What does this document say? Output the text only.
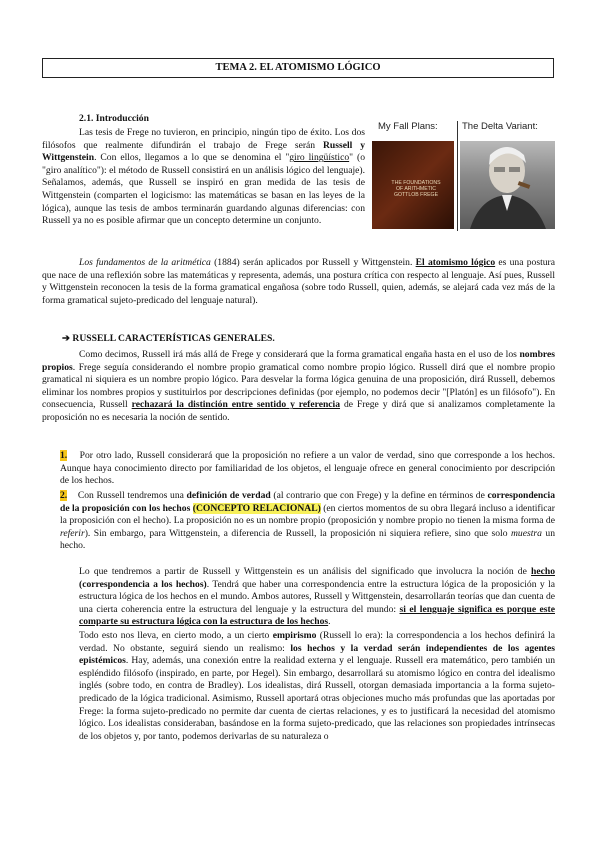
TEMA 2. EL ATOMISMO LÓGICO
2.1. Introducción
My Fall Plans:	The Delta Variant:
THE FOUNDATIONS OF ARITHMETIC GOTTLOB FREGE
Las tesis de Frege no tuvieron, en principio, ningún tipo de éxito. Los dos filósofos que realmente difundirán el trabajo de Frege serán Russell y Wittgenstein. Con ellos, llegamos a lo que se denomina el "giro lingüístico" (o "giro analítico"): el método de Russell consistirá en un análisis lógico del lenguaje). Señalamos, además, que Russell se inspiró en gran medida de las tesis de Wittgenstein (comparten el logicismo: las matemáticas se basan en las leyes de la lógica), aunque las tesis de ambos terminarán guardando algunas diferencias: con Russell ya no es posible afirmar que un concepto determine un conjunto.
Los fundamentos de la aritmética (1884) serán aplicados por Russell y Wittgenstein. El atomismo lógico es una postura que nace de una reflexión sobre las matemáticas y representa, además, una postura crítica con respecto al lenguaje. Así pues, Russell y Wittgenstein reconocen la tesis de la forma gramatical engañosa (sobre todo Russell, quien, además, se alejará cada vez más de la forma gramatical sujeto-predicado del lenguaje natural).
➔ RUSSELL CARACTERÍSTICAS GENERALES.
Como decimos, Russell irá más allá de Frege y considerará que la forma gramatical engaña hasta en el uso de los nombres propios. Frege seguía considerando el nombre propio gramatical como nombre propio lógico. Russell dirá que el nombre propio gramatical ni siquiera es un nombre propio lógico. Para desvelar la forma lógica genuina de una proposición, dirá Russell, debemos eliminar los nombres propios y sustituirlos por descripciones definidas (por ejemplo, no podemos decir "[Platón] es un filósofo"). En consecuencia, Russell rechazará la distinción entre sentido y referencia de Frege y dirá que si analizamos completamente la proposición no es necesaria la noción de sentido.
1. Por otro lado, Russell considerará que la proposición no refiere a un valor de verdad, sino que corresponde a los hechos. Aunque haya conocimiento directo por familiaridad de los objetos, el lenguaje ofrece en general conocimiento por descripción de los hechos.
2. Con Russell tendremos una definición de verdad (al contrario que con Frege) y la define en términos de correspondencia de la proposición con los hechos (CONCEPTO RELACIONAL) (en ciertos momentos de su obra llegará incluso a identificar la proposición con el hecho). La proposición no es un nombre propio (proposición y nombre propio no tienen la misma forma de referir). Sin embargo, para Wittgenstein, a diferencia de Russell, la proposición ni siquiera refiere, sino que solo muestra un hecho.
Lo que tendremos a partir de Russell y Wittgenstein es un análisis del significado que involucra la noción de hecho (correspondencia a los hechos). Tendrá que haber una correspondencia entre la estructura lógica de la proposición y la estructura lógica de los hechos en el mundo. Ambos autores, Russell y Wittgenstein, desarrollarán teorías que dan cuenta de una cierta coherencia entre la estructura del lenguaje y la estructura del mundo: si el lenguaje significa es porque este comparte su estructura lógica con la estructura de los hechos.
Todo esto nos lleva, en cierto modo, a un cierto empirismo (Russell lo era): la correspondencia a los hechos definirá la verdad. No obstante, seguirá siendo un realismo: los hechos y la verdad serán independientes de los agentes epistémicos. Hay, además, una conexión entre la realidad externa y el lenguaje. Russell era matemático, pero también un espléndido filósofo (inspirado, en parte, por Hegel). Sin embargo, desarrollará su atomismo lógico en contra del idealismo inglés (sobre todo, en contra de Bradley). Los idealistas, dirá Russell, otorgan demasiada importancia a la forma sujeto-predicado de la lógica tradicional. Asimismo, Russell aportará otras objeciones mucho más profundas que las aportadas por Frege: la forma sujeto-predicado no permite dar cuenta de ciertas relaciones, y es to justificará la necesidad del atomismo lógico. Los idealistas consideraban, basándose en la forma sujeto-predicado, que las relaciones son propiedades intrínsecas de los objetos y, por tanto, podemos derivarlas de su naturaleza o
